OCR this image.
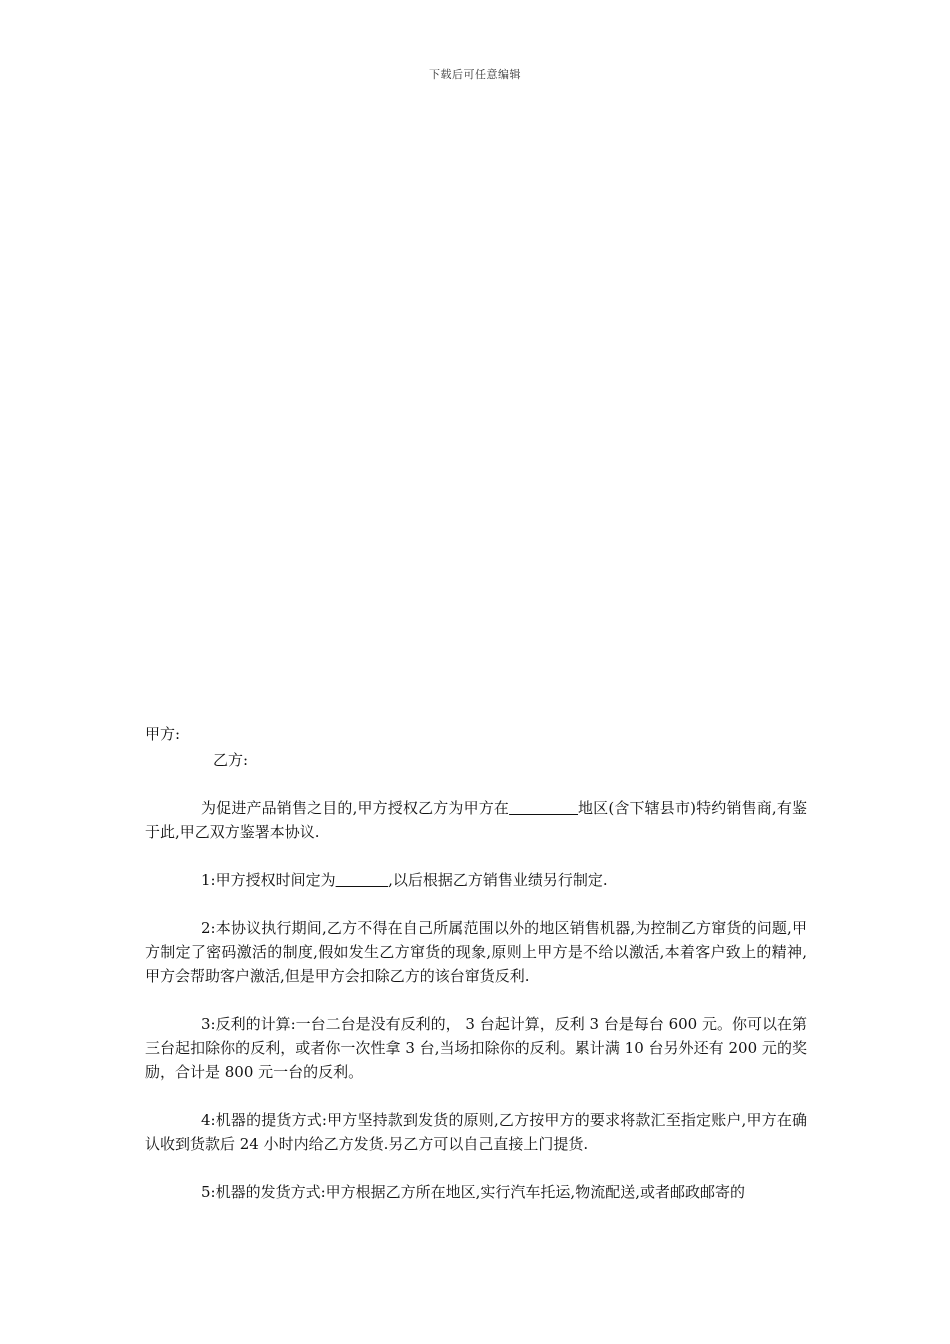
下载后可任意编辑
甲方:
乙方:

为促进产品销售之目的,甲方授权乙方为甲方在	地区(含下辖县市)特约销售商,有鉴于此,甲乙双方鉴署本协议.

1:甲方授权时间定为	,以后根据乙方销售业绩另行制定.

2:本协议执行期间,乙方不得在自己所属范围以外的地区销售机器,为控制乙方窜货的问题,甲方制定了密码激活的制度,假如发生乙方窜货的现象,原则上甲方是不给以激活,本着客户致上的精神,甲方会帮助客户激活,但是甲方会扣除乙方的该台窜货反利.

3:反利的计算:一台二台是没有反利的， 3 台起计算，反利 3 台是每台 600 元。你可以在第三台起扣除你的反利，或者你一次性拿 3 台,当场扣除你的反利。累计满 10 台另外还有 200 元的奖励，合计是 800 元一台的反利。

4:机器的提货方式:甲方坚持款到发货的原则,乙方按甲方的要求将款汇至指定账户,甲方在确认收到货款后 24 小时内给乙方发货.另乙方可以自己直接上门提货.

5:机器的发货方式:甲方根据乙方所在地区,实行汽车托运,物流配送,或者邮政邮寄的
